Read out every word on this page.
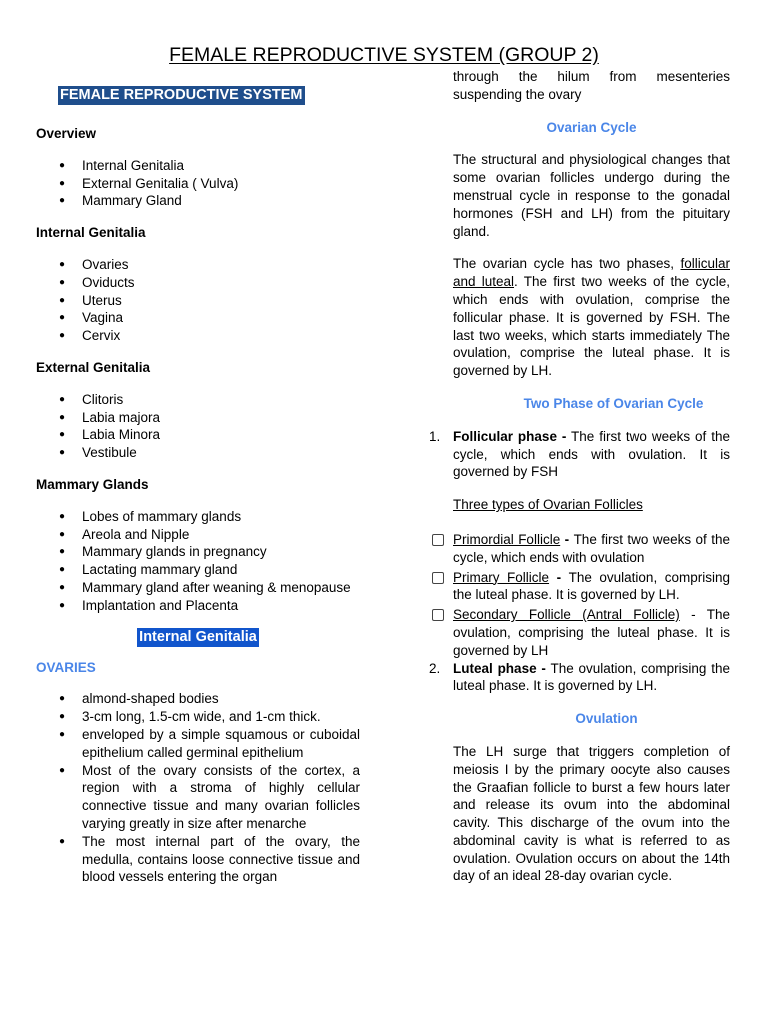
FEMALE REPRODUCTIVE SYSTEM (GROUP 2)
FEMALE REPRODUCTIVE SYSTEM
Overview
● Internal Genitalia
● External Genitalia ( Vulva)
● Mammary Gland
Internal Genitalia
● Ovaries
● Oviducts
● Uterus
● Vagina
● Cervix
External Genitalia
● Clitoris
● Labia majora
● Labia Minora
● Vestibule
Mammary Glands
● Lobes of mammary glands
● Areola and Nipple
● Mammary glands in pregnancy
● Lactating mammary gland
● Mammary gland after weaning & menopause
● Implantation and Placenta
Internal Genitalia
OVARIES
● almond-shaped bodies
● 3-cm long, 1.5-cm wide, and 1-cm thick.
● enveloped by a simple squamous or cuboidal epithelium called germinal epithelium
● Most of the ovary consists of the cortex, a region with a stroma of highly cellular connective tissue and many ovarian follicles varying greatly in size after menarche
● The most internal part of the ovary, the medulla, contains loose connective tissue and blood vessels entering the organ
through the hilum from mesenteries suspending the ovary
Ovarian Cycle
The structural and physiological changes that some ovarian follicles undergo during the menstrual cycle in response to the gonadal hormones (FSH and LH) from the pituitary gland.
The ovarian cycle has two phases, follicular and luteal. The first two weeks of the cycle, which ends with ovulation, comprise the follicular phase. It is governed by FSH. The last two weeks, which starts immediately The ovulation, comprise the luteal phase. It is governed by LH.
Two Phase of Ovarian Cycle
1. Follicular phase - The first two weeks of the cycle, which ends with ovulation. It is governed by FSH
Three types of Ovarian Follicles
Primordial Follicle - The first two weeks of the cycle, which ends with ovulation
Primary Follicle - The ovulation, comprising the luteal phase. It is governed by LH.
Secondary Follicle (Antral Follicle) - The ovulation, comprising the luteal phase. It is governed by LH
2. Luteal phase - The ovulation, comprising the luteal phase. It is governed by LH.
Ovulation
The LH surge that triggers completion of meiosis I by the primary oocyte also causes the Graafian follicle to burst a few hours later and release its ovum into the abdominal cavity. This discharge of the ovum into the abdominal cavity is what is referred to as ovulation. Ovulation occurs on about the 14th day of an ideal 28-day ovarian cycle.
